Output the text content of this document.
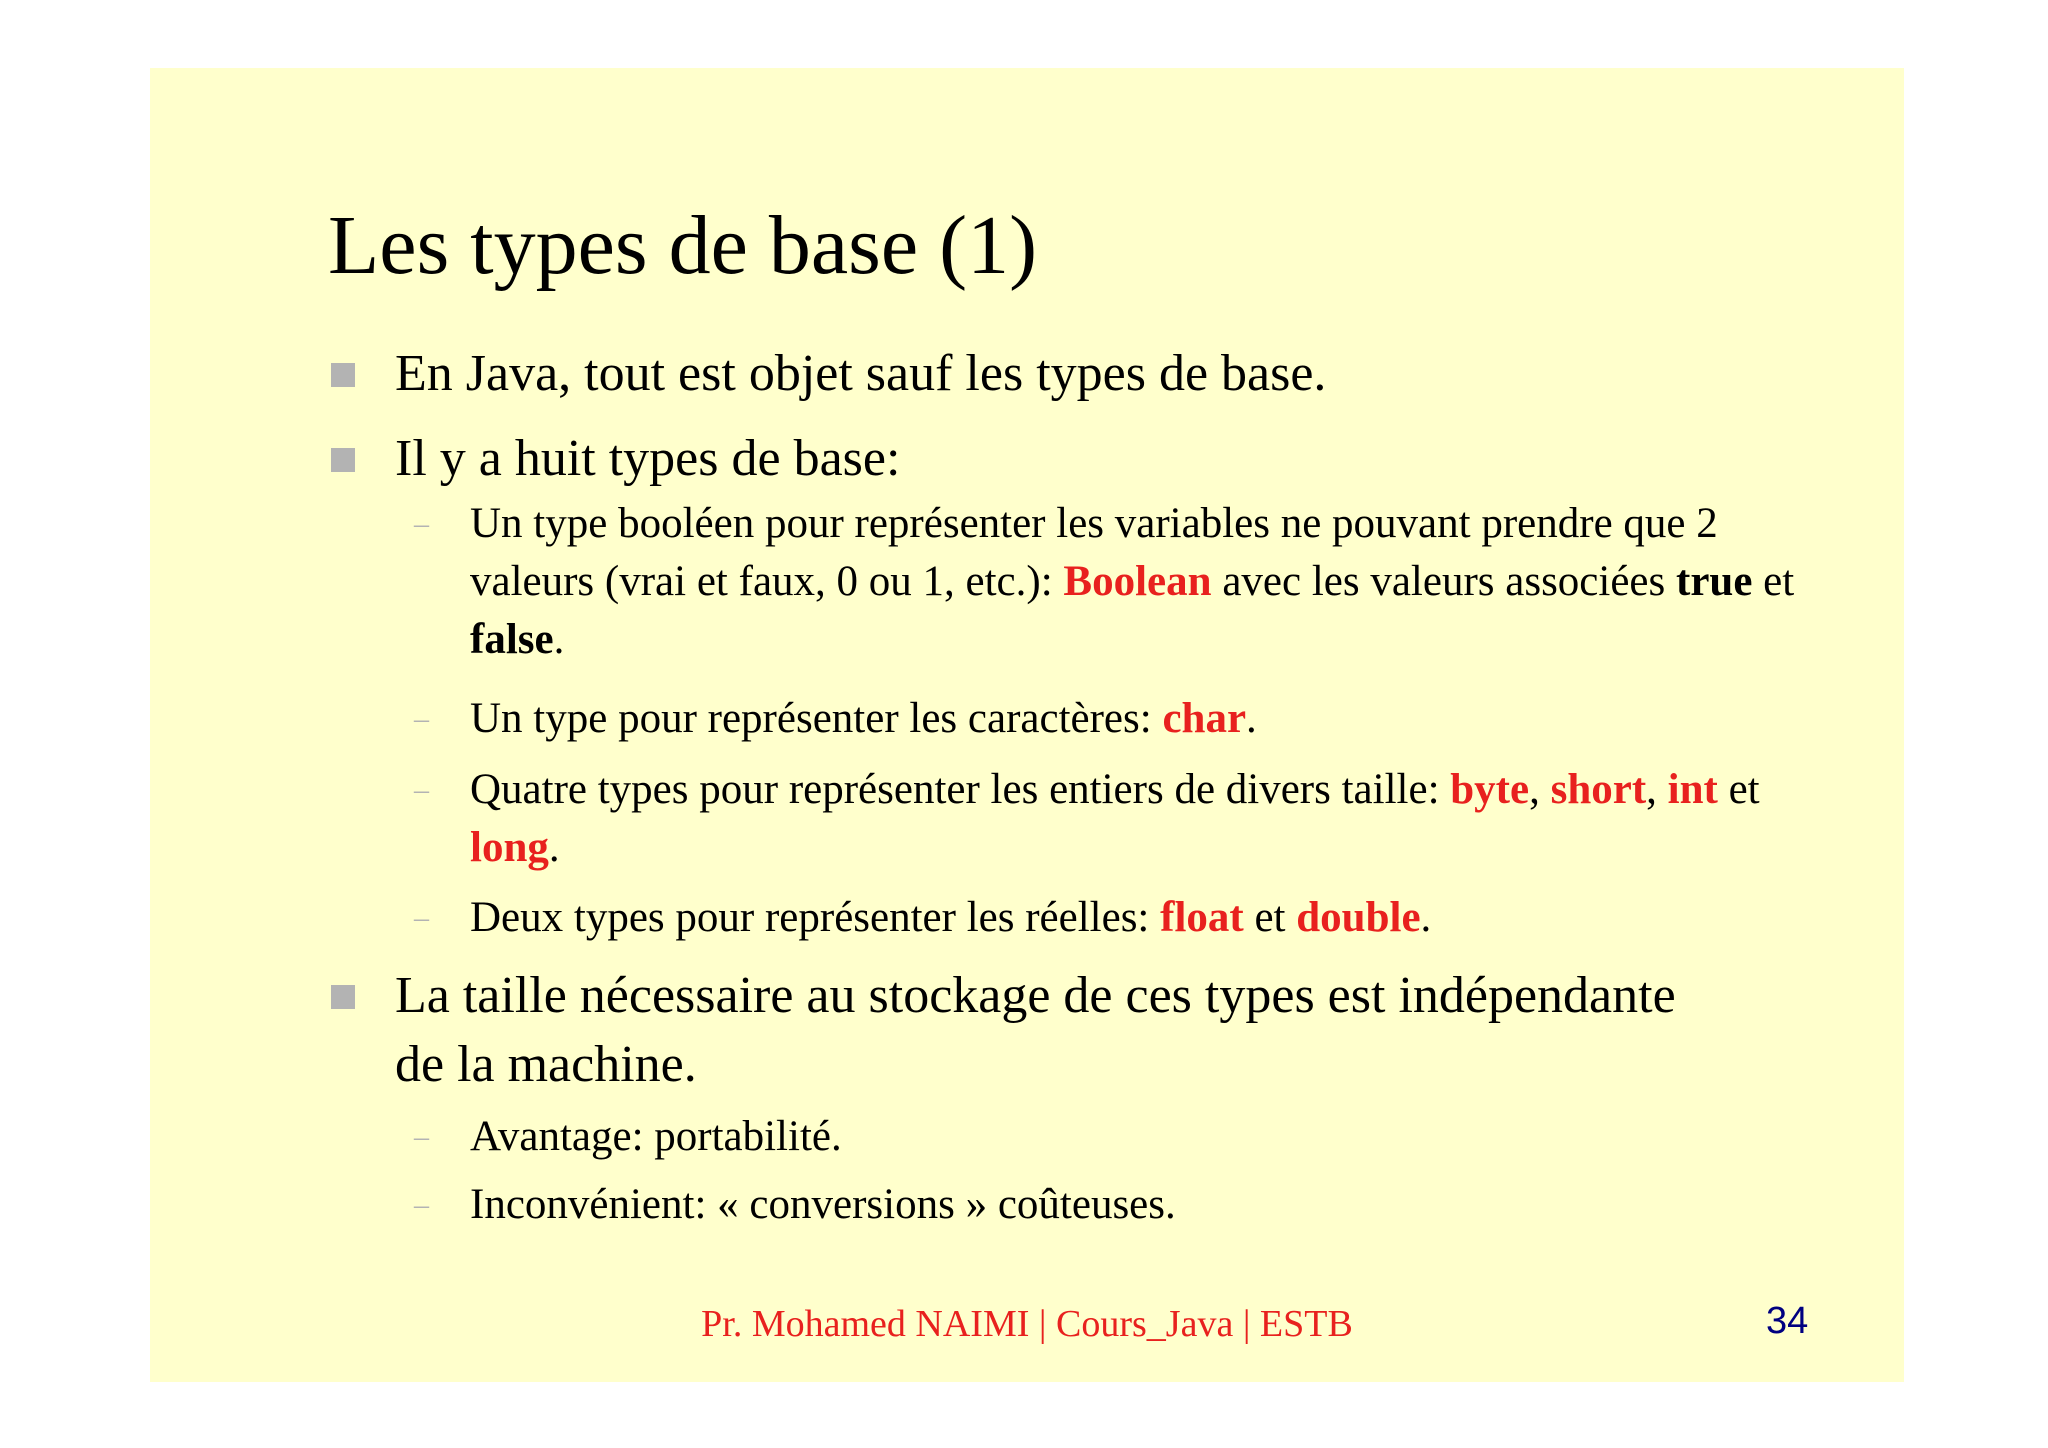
Les types de base (1)
En Java, tout est objet sauf les types de base.
Il y a huit types de base:
– Un type booléen pour représenter les variables ne pouvant prendre que 2 valeurs (vrai et faux, 0 ou 1, etc.): Boolean avec les valeurs associées true et false.
– Un type pour représenter les caractères: char.
– Quatre types pour représenter les entiers de divers taille: byte, short, int et long.
– Deux types pour représenter les réelles: float et double.
La taille nécessaire au stockage de ces types est indépendante de la machine.
– Avantage: portabilité.
– Inconvénient: « conversions » coûteuses.
Pr. Mohamed NAIMI | Cours_Java | ESTB	34
